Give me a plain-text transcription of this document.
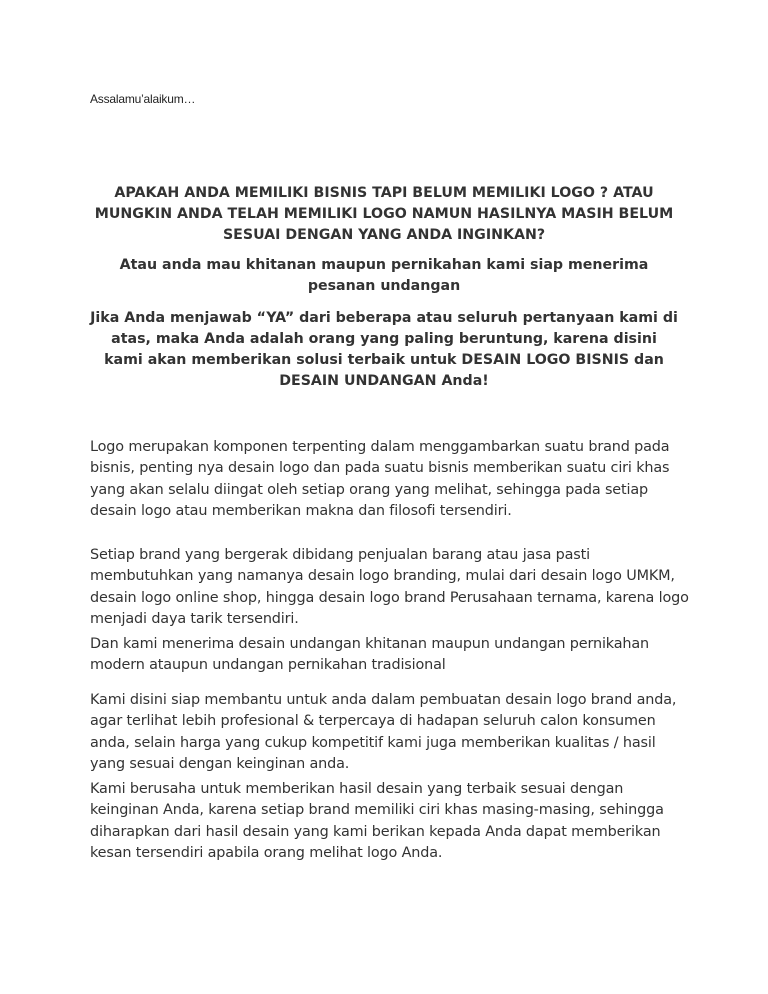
Assalamu’alaikum…

APAKAH ANDA MEMILIKI BISNIS TAPI BELUM MEMILIKI LOGO ? ATAU MUNGKIN ANDA TELAH MEMILIKI LOGO NAMUN HASILNYA MASIH BELUM SESUAI DENGAN YANG ANDA INGINKAN?

Atau anda mau khitanan maupun pernikahan kami siap menerima pesanan undangan

Jika Anda menjawab “YA” dari beberapa atau seluruh pertanyaan kami di atas, maka Anda adalah orang yang paling beruntung, karena disini kami akan memberikan solusi terbaik untuk DESAIN LOGO BISNIS dan DESAIN UNDANGAN Anda!

Logo merupakan komponen terpenting dalam menggambarkan suatu brand pada bisnis, penting nya desain logo dan pada suatu bisnis memberikan suatu ciri khas yang akan selalu diingat oleh setiap orang yang melihat, sehingga pada setiap desain logo atau memberikan makna dan filosofi tersendiri.

Setiap brand yang bergerak dibidang penjualan barang atau jasa pasti membutuhkan yang namanya desain logo branding, mulai dari desain logo UMKM, desain logo online shop, hingga desain logo brand Perusahaan ternama, karena logo menjadi daya tarik tersendiri.

Dan kami menerima desain undangan khitanan maupun undangan pernikahan modern ataupun undangan pernikahan tradisional

Kami disini siap membantu untuk anda dalam pembuatan desain logo brand anda, agar terlihat lebih profesional & terpercaya di hadapan seluruh calon konsumen anda, selain harga yang cukup kompetitif kami juga memberikan kualitas / hasil yang sesuai dengan keinginan anda.

Kami berusaha untuk memberikan hasil desain yang terbaik sesuai dengan keinginan Anda, karena setiap brand memiliki ciri khas masing-masing, sehingga diharapkan dari hasil desain yang kami berikan kepada Anda dapat memberikan kesan tersendiri apabila orang melihat logo Anda.
